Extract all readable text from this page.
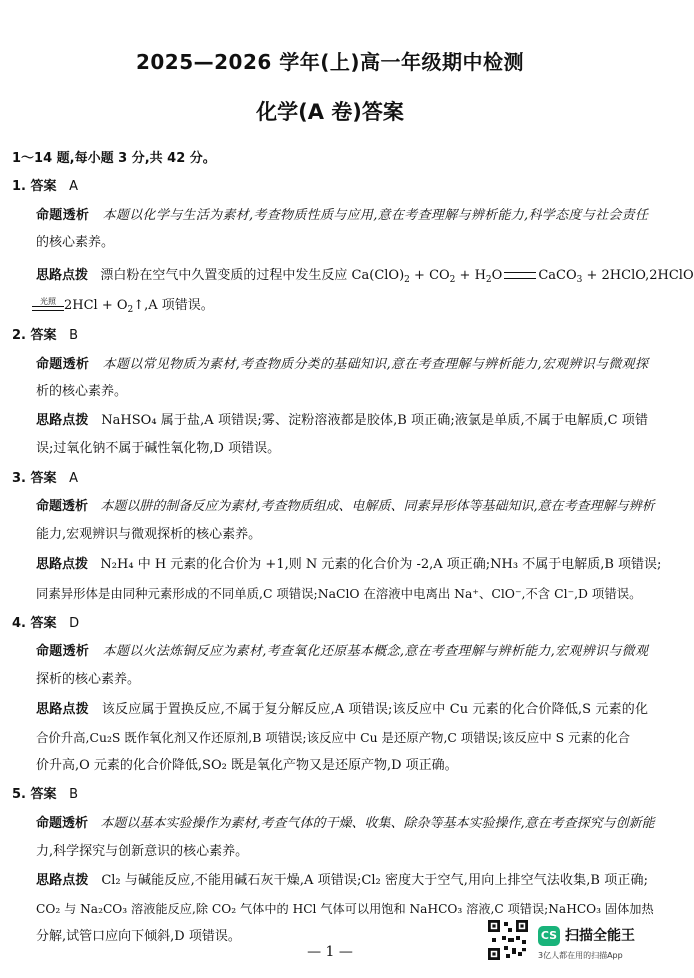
2025—2026 学年(上)高一年级期中检测
化学(A 卷)答案
1～14 题,每小题 3 分,共 42 分。
1. 答案 A
命题透析 本题以化学与生活为素材,考查物质性质与应用,意在考查理解与辨析能力,科学态度与社会责任
的核心素养。
思路点拨 漂白粉在空气中久置变质的过程中发生反应 $Ca(ClO)_2 + CO_2 + H_2O$	CaCO$_3$ + 2HClO,2HClO
光照 $2HCl + O_2↑,A$ 项错误。
2. 答案 B
命题透析 本题以常见物质为素材,考查物质分类的基础知识,意在考查理解与辨析能力,宏观辨识与微观探
析的核心素养。
思路点拨 NaHSO₄ 属于盐,A 项错误;雾、淀粉溶液都是胶体,B 项正确;液氯是单质,不属于电解质,C 项错
误;过氧化钠不属于碱性氧化物,D 项错误。
3. 答案 A
命题透析 本题以肼的制备反应为素材,考查物质组成、电解质、同素异形体等基础知识,意在考查理解与辨析
能力,宏观辨识与微观探析的核心素养。
思路点拨 N₂H₄ 中 H 元素的化合价为 +1,则 N 元素的化合价为 -2,A 项正确;NH₃ 不属于电解质,B 项错误;
同素异形体是由同种元素形成的不同单质,C 项错误;NaClO 在溶液中电离出 Na⁺、ClO⁻,不含 Cl⁻,D 项错误。
4. 答案 D
命题透析 本题以火法炼铜反应为素材,考查氧化还原基本概念,意在考查理解与辨析能力,宏观辨识与微观
探析的核心素养。
思路点拨 该反应属于置换反应,不属于复分解反应,A 项错误;该反应中 Cu 元素的化合价降低,S 元素的化
合价升高,Cu₂S 既作氧化剂又作还原剂,B 项错误;该反应中 Cu 是还原产物,C 项错误;该反应中 S 元素的化合
价升高,O 元素的化合价降低,SO₂ 既是氧化产物又是还原产物,D 项正确。
5. 答案 B
命题透析 本题以基本实验操作为素材,考查气体的干燥、收集、除杂等基本实验操作,意在考查探究与创新能
力,科学探究与创新意识的核心素养。
思路点拨 Cl₂ 与碱能反应,不能用碱石灰干燥,A 项错误;Cl₂ 密度大于空气,用向上排空气法收集,B 项正确;
CO₂ 与 Na₂CO₃ 溶液能反应,除 CO₂ 气体中的 HCl 气体可以用饱和 NaHCO₃ 溶液,C 项错误;NaHCO₃ 固体加热
分解,试管口应向下倾斜,D 项错误。
— 1 —
CS 扫描全能王
3亿人都在用的扫描App
